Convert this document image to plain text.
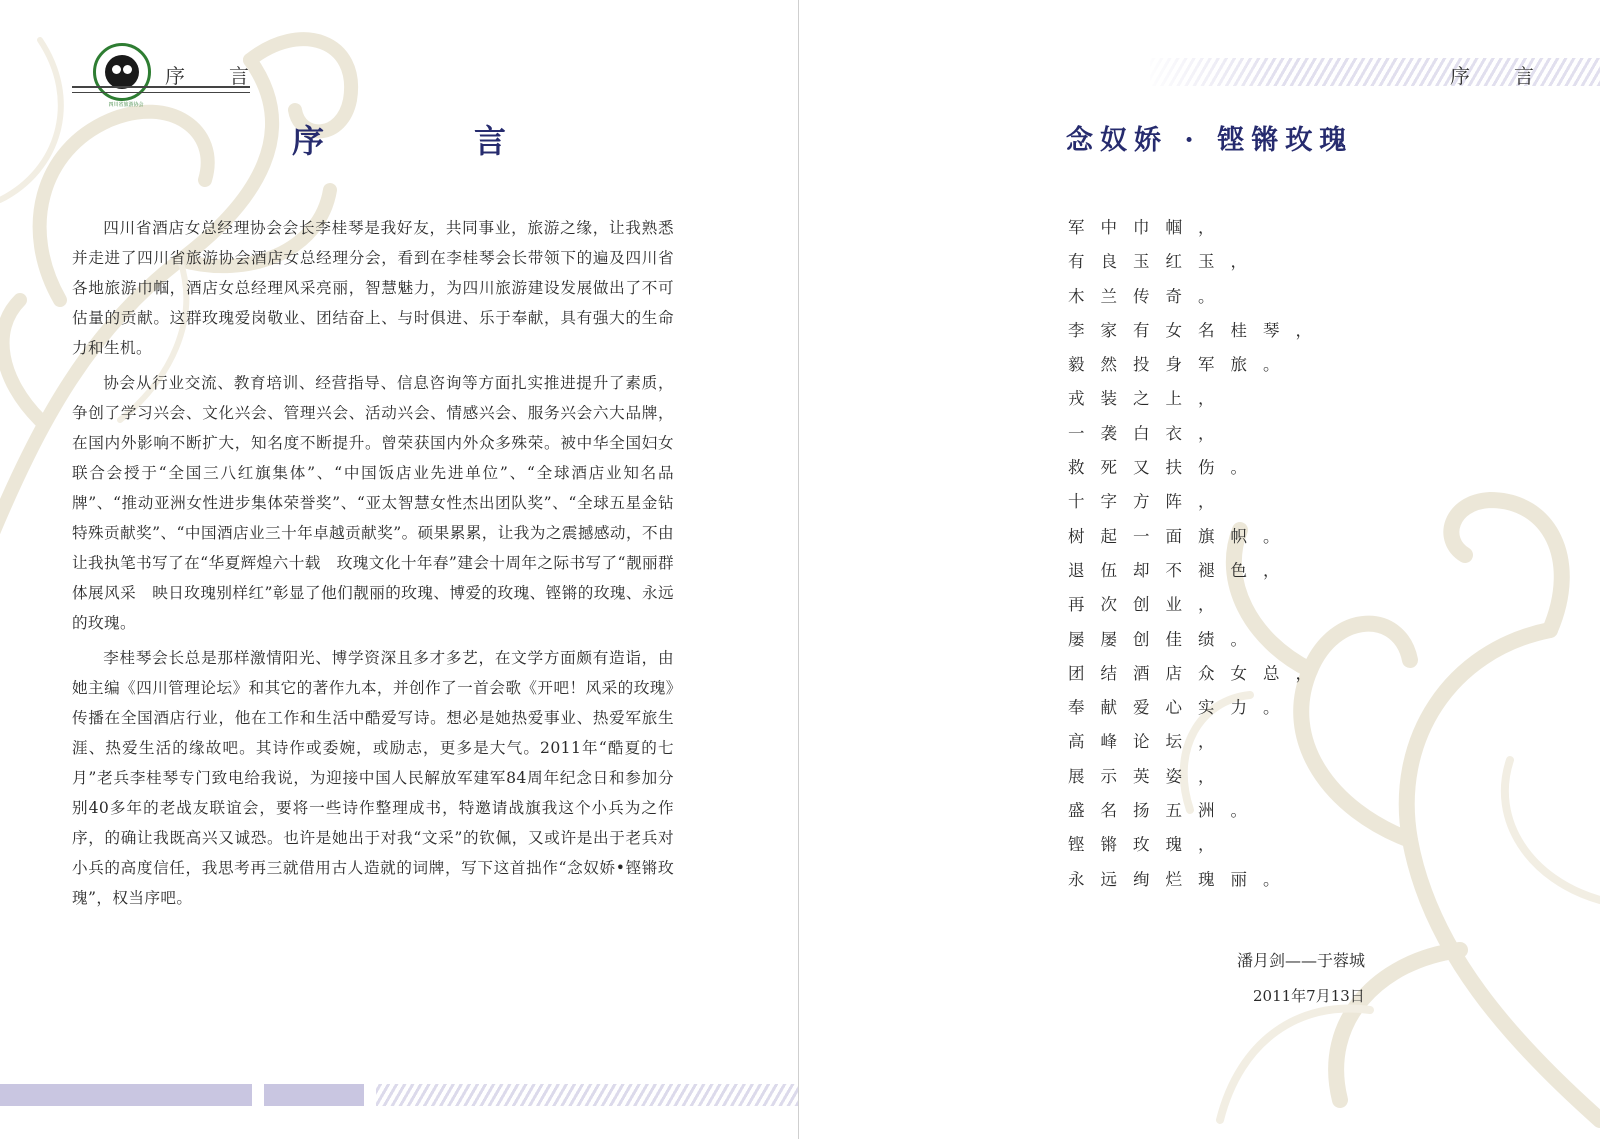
四川省旅游协会
序言
序言

四川省酒店女总经理协会会长李桂琴是我好友，共同事业，旅游之缘，让我熟悉并走进了四川省旅游协会酒店女总经理分会，看到在李桂琴会长带领下的遍及四川省各地旅游巾帼，酒店女总经理风采亮丽，智慧魅力，为四川旅游建设发展做出了不可估量的贡献。这群玫瑰爱岗敬业、团结奋上、与时俱进、乐于奉献，具有强大的生命力和生机。

协会从行业交流、教育培训、经营指导、信息咨询等方面扎实推进提升了素质，争创了学习兴会、文化兴会、管理兴会、活动兴会、情感兴会、服务兴会六大品牌，在国内外影响不断扩大，知名度不断提升。曾荣获国内外众多殊荣。被中华全国妇女联合会授于“全国三八红旗集体”、“中国饭店业先进单位”、“全球酒店业知名品牌”、“推动亚洲女性进步集体荣誉奖”、“亚太智慧女性杰出团队奖”、“全球五星金钻特殊贡献奖”、“中国酒店业三十年卓越贡献奖”。硕果累累，让我为之震撼感动，不由让我执笔书写了在“华夏辉煌六十载　玫瑰文化十年春”建会十周年之际书写了“靓丽群体展风采　映日玫瑰别样红”彰显了他们靓丽的玫瑰、博爱的玫瑰、铿锵的玫瑰、永远的玫瑰。

李桂琴会长总是那样激情阳光、博学资深且多才多艺，在文学方面颇有造诣，由她主编《四川管理论坛》和其它的著作九本，并创作了一首会歌《开吧！风采的玫瑰》传播在全国酒店行业，他在工作和生活中酷爱写诗。想必是她热爱事业、热爱军旅生涯、热爱生活的缘故吧。其诗作或委婉，或励志，更多是大气。2011年“酷夏的七月”老兵李桂琴专门致电给我说，为迎接中国人民解放军建军84周年纪念日和参加分别40多年的老战友联谊会，要将一些诗作整理成书，特邀请战旗我这个小兵为之作序，的确让我既高兴又诚恐。也许是她出于对我“文采”的钦佩，又或许是出于老兵对小兵的高度信任，我思考再三就借用古人造就的词牌，写下这首拙作“念奴娇•铿锵玫瑰”，权当序吧。

序言
念奴娇 · 铿锵玫瑰
军中巾帼，
有良玉红玉，
木兰传奇。
李家有女名桂琴，
毅然投身军旅。
戎装之上，
一袭白衣，
救死又扶伤。
十字方阵，
树起一面旗帜。
退伍却不褪色，
再次创业，
屡屡创佳绩。
团结酒店众女总，
奉献爱心实力。
高峰论坛，
展示英姿，
盛名扬五洲。
铿锵玫瑰，
永远绚烂瑰丽。
潘月剑——于蓉城
2011年7月13日
